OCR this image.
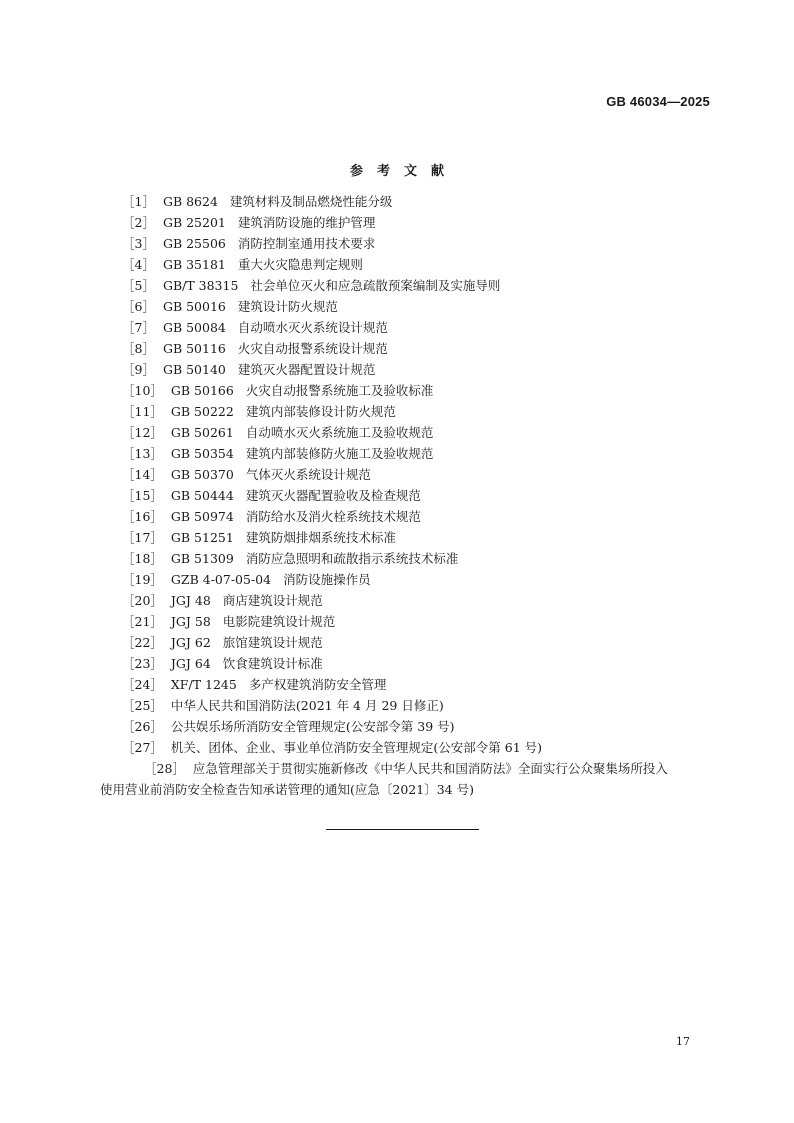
GB 46034—2025
参考文献
［1］ GB 8624 建筑材料及制品燃烧性能分级
［2］ GB 25201 建筑消防设施的维护管理
［3］ GB 25506 消防控制室通用技术要求
［4］ GB 35181 重大火灾隐患判定规则
［5］ GB/T 38315 社会单位灭火和应急疏散预案编制及实施导则
［6］ GB 50016 建筑设计防火规范
［7］ GB 50084 自动喷水灭火系统设计规范
［8］ GB 50116 火灾自动报警系统设计规范
［9］ GB 50140 建筑灭火器配置设计规范
［10］ GB 50166 火灾自动报警系统施工及验收标准
［11］ GB 50222 建筑内部装修设计防火规范
［12］ GB 50261 自动喷水灭火系统施工及验收规范
［13］ GB 50354 建筑内部装修防火施工及验收规范
［14］ GB 50370 气体灭火系统设计规范
［15］ GB 50444 建筑灭火器配置验收及检查规范
［16］ GB 50974 消防给水及消火栓系统技术规范
［17］ GB 51251 建筑防烟排烟系统技术标准
［18］ GB 51309 消防应急照明和疏散指示系统技术标准
［19］ GZB 4-07-05-04 消防设施操作员
［20］ JGJ 48 商店建筑设计规范
［21］ JGJ 58 电影院建筑设计规范
［22］ JGJ 62 旅馆建筑设计规范
［23］ JGJ 64 饮食建筑设计标准
［24］ XF/T 1245 多产权建筑消防安全管理
［25］ 中华人民共和国消防法(2021 年 4 月 29 日修正)
［26］ 公共娱乐场所消防安全管理规定(公安部令第 39 号)
［27］ 机关、团体、企业、事业单位消防安全管理规定(公安部令第 61 号)
［28］ 应急管理部关于贯彻实施新修改《中华人民共和国消防法》全面实行公众聚集场所投入使用营业前消防安全检查告知承诺管理的通知(应急〔2021〕34 号)
17
